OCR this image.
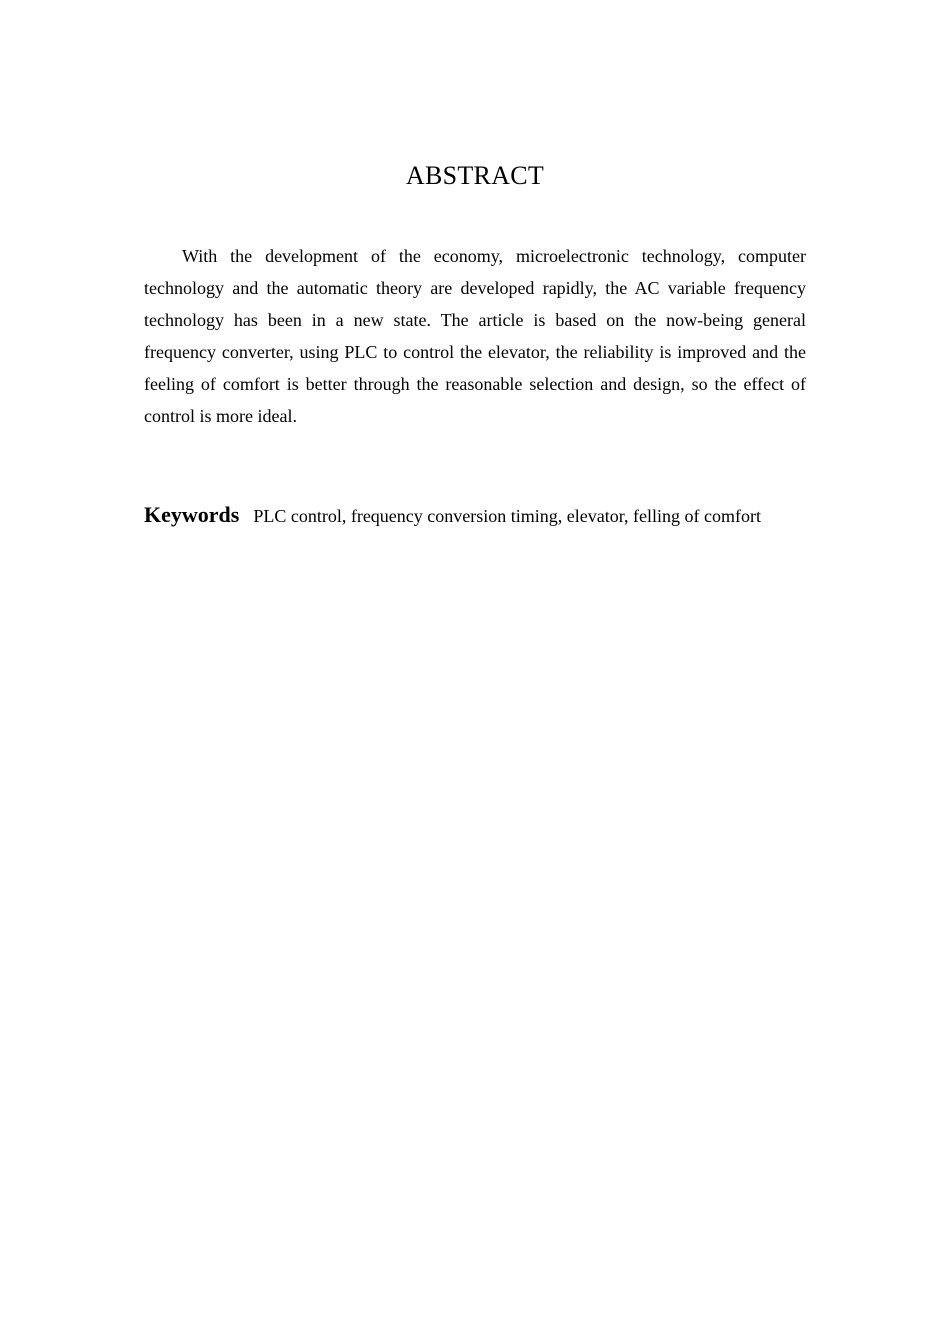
ABSTRACT

With the development of the economy, microelectronic technology, computer technology and the automatic theory are developed rapidly, the AC variable frequency technology has been in a new state. The article is based on the now-being general frequency converter, using PLC to control the elevator, the reliability is improved and the feeling of comfort is better through the reasonable selection and design, so the effect of control is more ideal.

Keywords PLC control, frequency conversion timing, elevator, felling of comfort
